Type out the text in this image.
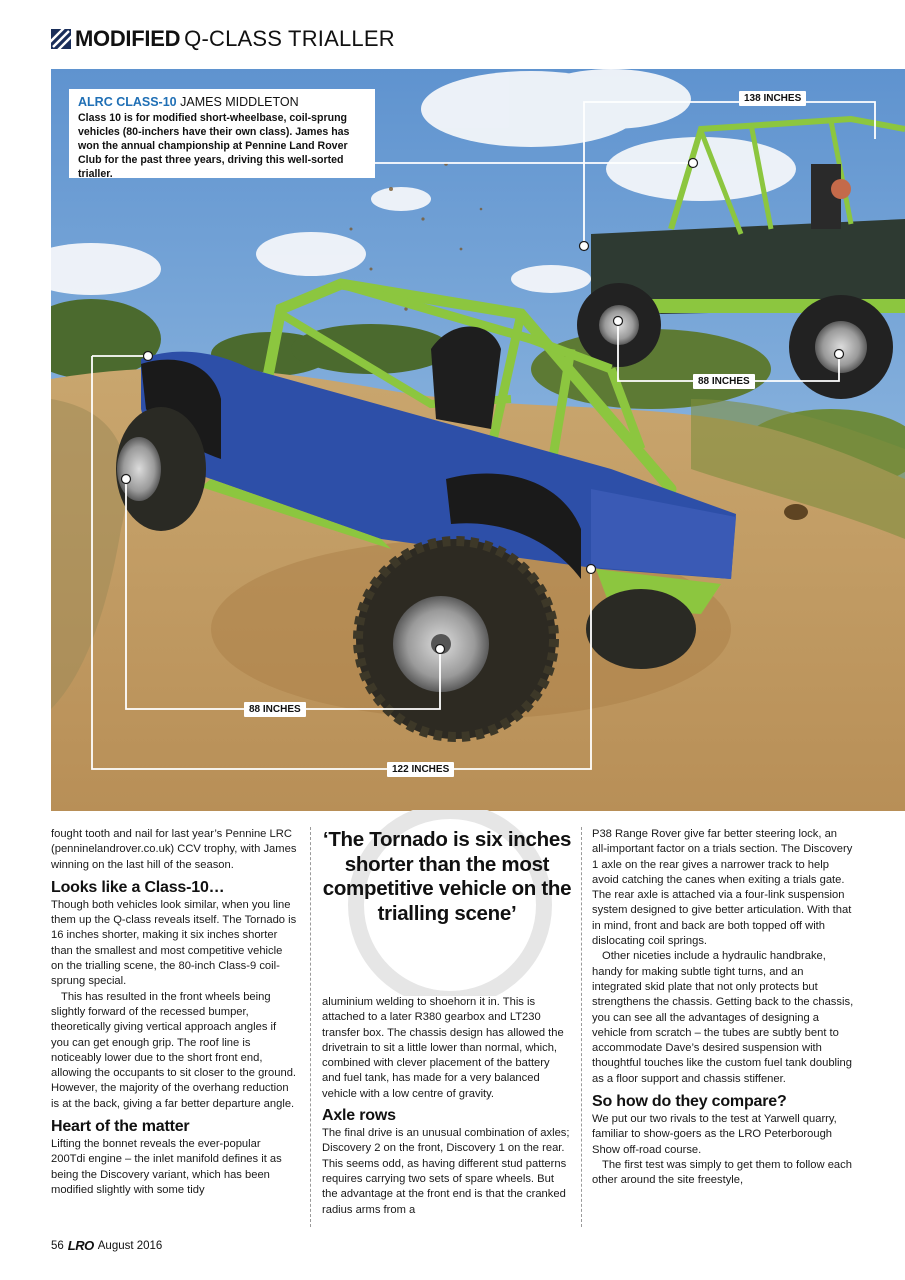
MODIFIED Q-CLASS TRIALLER
ALRC CLASS-10 JAMES MIDDLETON
Class 10 is for modified short-wheelbase, coil-sprung vehicles (80-inchers have their own class). James has won the annual championship at Pennine Land Rover Club for the past three years, driving this well-sorted trialler.
138 INCHES
88 INCHES
88 INCHES
122 INCHES

fought tooth and nail for last year’s Pennine LRC (penninelandrover.co.uk) CCV trophy, with James winning on the last hill of the season.

Looks like a Class-10…

Though both vehicles look similar, when you line them up the Q-class reveals itself. The Tornado is 16 inches shorter, making it six inches shorter than the smallest and most competitive vehicle on the trialling scene, the 80-inch Class-9 coil-sprung special.

This has resulted in the front wheels being slightly forward of the recessed bumper, theoretically giving vertical approach angles if you can get enough grip. The roof line is noticeably lower due to the short front end, allowing the occupants to sit closer to the ground. However, the majority of the overhang reduction is at the back, giving a far better departure angle.

Heart of the matter

Lifting the bonnet reveals the ever-popular 200Tdi engine – the inlet manifold defines it as being the Discovery variant, which has been modified slightly with some tidy

‘The Tornado is six inches shorter than the most competitive vehicle on the trialling scene’

aluminium welding to shoehorn it in. This is attached to a later R380 gearbox and LT230 transfer box. The chassis design has allowed the drivetrain to sit a little lower than normal, which, combined with clever placement of the battery and fuel tank, has made for a very balanced vehicle with a low centre of gravity.

Axle rows

The final drive is an unusual combination of axles; Discovery 2 on the front, Discovery 1 on the rear. This seems odd, as having different stud patterns requires carrying two sets of spare wheels. But the advantage at the front end is that the cranked radius arms from a

P38 Range Rover give far better steering lock, an all-important factor on a trials section. The Discovery 1 axle on the rear gives a narrower track to help avoid catching the canes when exiting a trials gate. The rear axle is attached via a four-link suspension system designed to give better articulation. With that in mind, front and back are both topped off with dislocating coil springs.

Other niceties include a hydraulic handbrake, handy for making subtle tight turns, and an integrated skid plate that not only protects but strengthens the chassis. Getting back to the chassis, you can see all the advantages of designing a vehicle from scratch – the tubes are subtly bent to accommodate Dave’s desired suspension with thoughtful touches like the custom fuel tank doubling as a floor support and chassis stiffener.

So how do they compare?

We put our two rivals to the test at Yarwell quarry, familiar to show-goers as the LRO Peterborough Show off-road course.

The first test was simply to get them to follow each other around the site freestyle,

56 LRO August 2016
